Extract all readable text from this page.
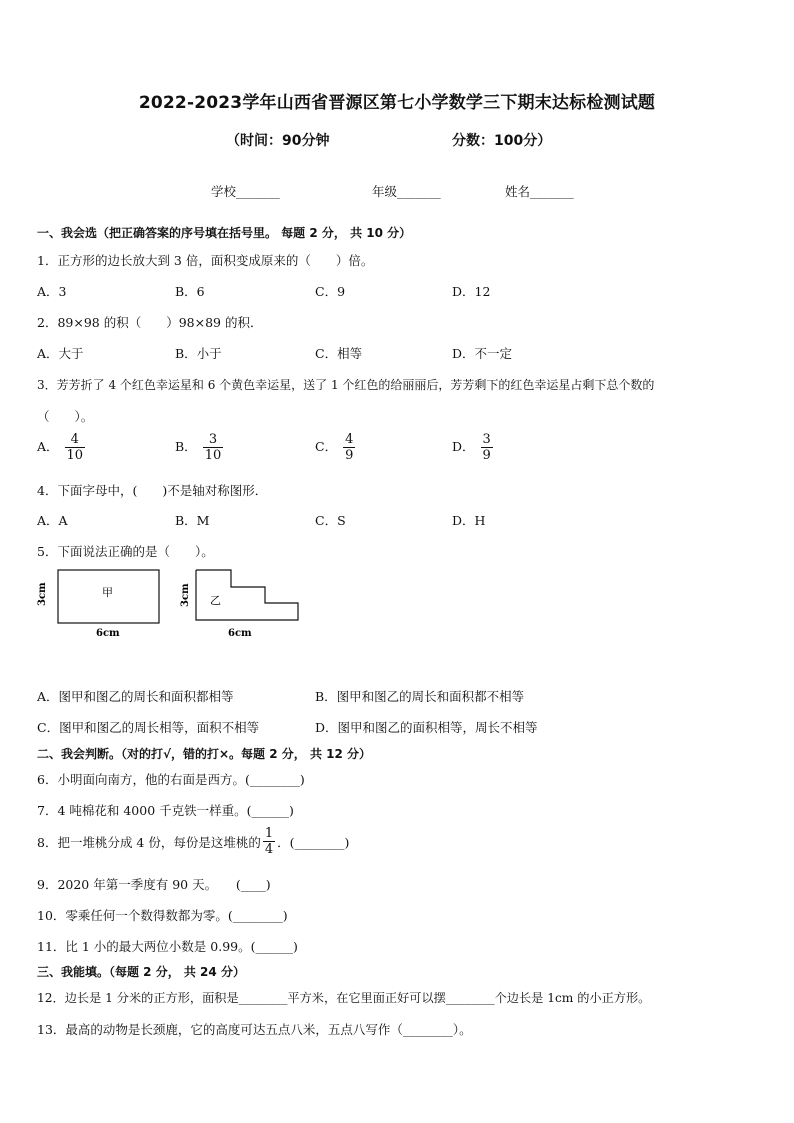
2022-2023学年山西省晋源区第七小学数学三下期末达标检测试题
（时间：90分钟	分数：100分）
学校_______	年级_______	姓名_______
一、我会选（把正确答案的序号填在括号里。 每题 2 分， 共 10 分）
1．正方形的边长放大到 3 倍，面积变成原来的（　　）倍。
A．3	B．6	C．9	D．12
2．89×98 的积（　　）98×89 的积．
A．大于	B．小于	C．相等	D．不一定
3．芳芳折了 4 个红色幸运星和 6 个黄色幸运星，送了 1 个红色的给丽丽后，芳芳剩下的红色幸运星占剩下总个数的
（　　）。
A． $\frac{4}{10}$	B． $\frac{3}{10}$	C． $\frac{4}{9}$	D． $\frac{3}{9}$
4．下面字母中，(　　)不是轴对称图形．
A．A	B．M	C．S	D．H
5．下面说法正确的是（　　）。
甲
3cm
6cm
乙
3cm
6cm
A．图甲和图乙的周长和面积都相等	B．图甲和图乙的周长和面积都不相等
C．图甲和图乙的周长相等，面积不相等	D．图甲和图乙的面积相等，周长不相等
二、我会判断。（对的打√，错的打×。每题 2 分， 共 12 分）
6．小明面向南方，他的右面是西方。(________)
7．4 吨棉花和 4000 千克铁一样重。(______)
8．把一堆桃分成 4 份，每份是这堆桃的 $\frac{1}{4}$ ．(________)
9．2020 年第一季度有 90 天。　　(____)
10．零乘任何一个数得数都为零。(________)
11．比 1 小的最大两位小数是 0.99。(______)
三、我能填。（每题 2 分， 共 24 分）
12．边长是 1 分米的正方形，面积是________平方米，在它里面正好可以摆________个边长是 1cm 的小正方形。
13．最高的动物是长颈鹿，它的高度可达五点八米，五点八写作（________）。
